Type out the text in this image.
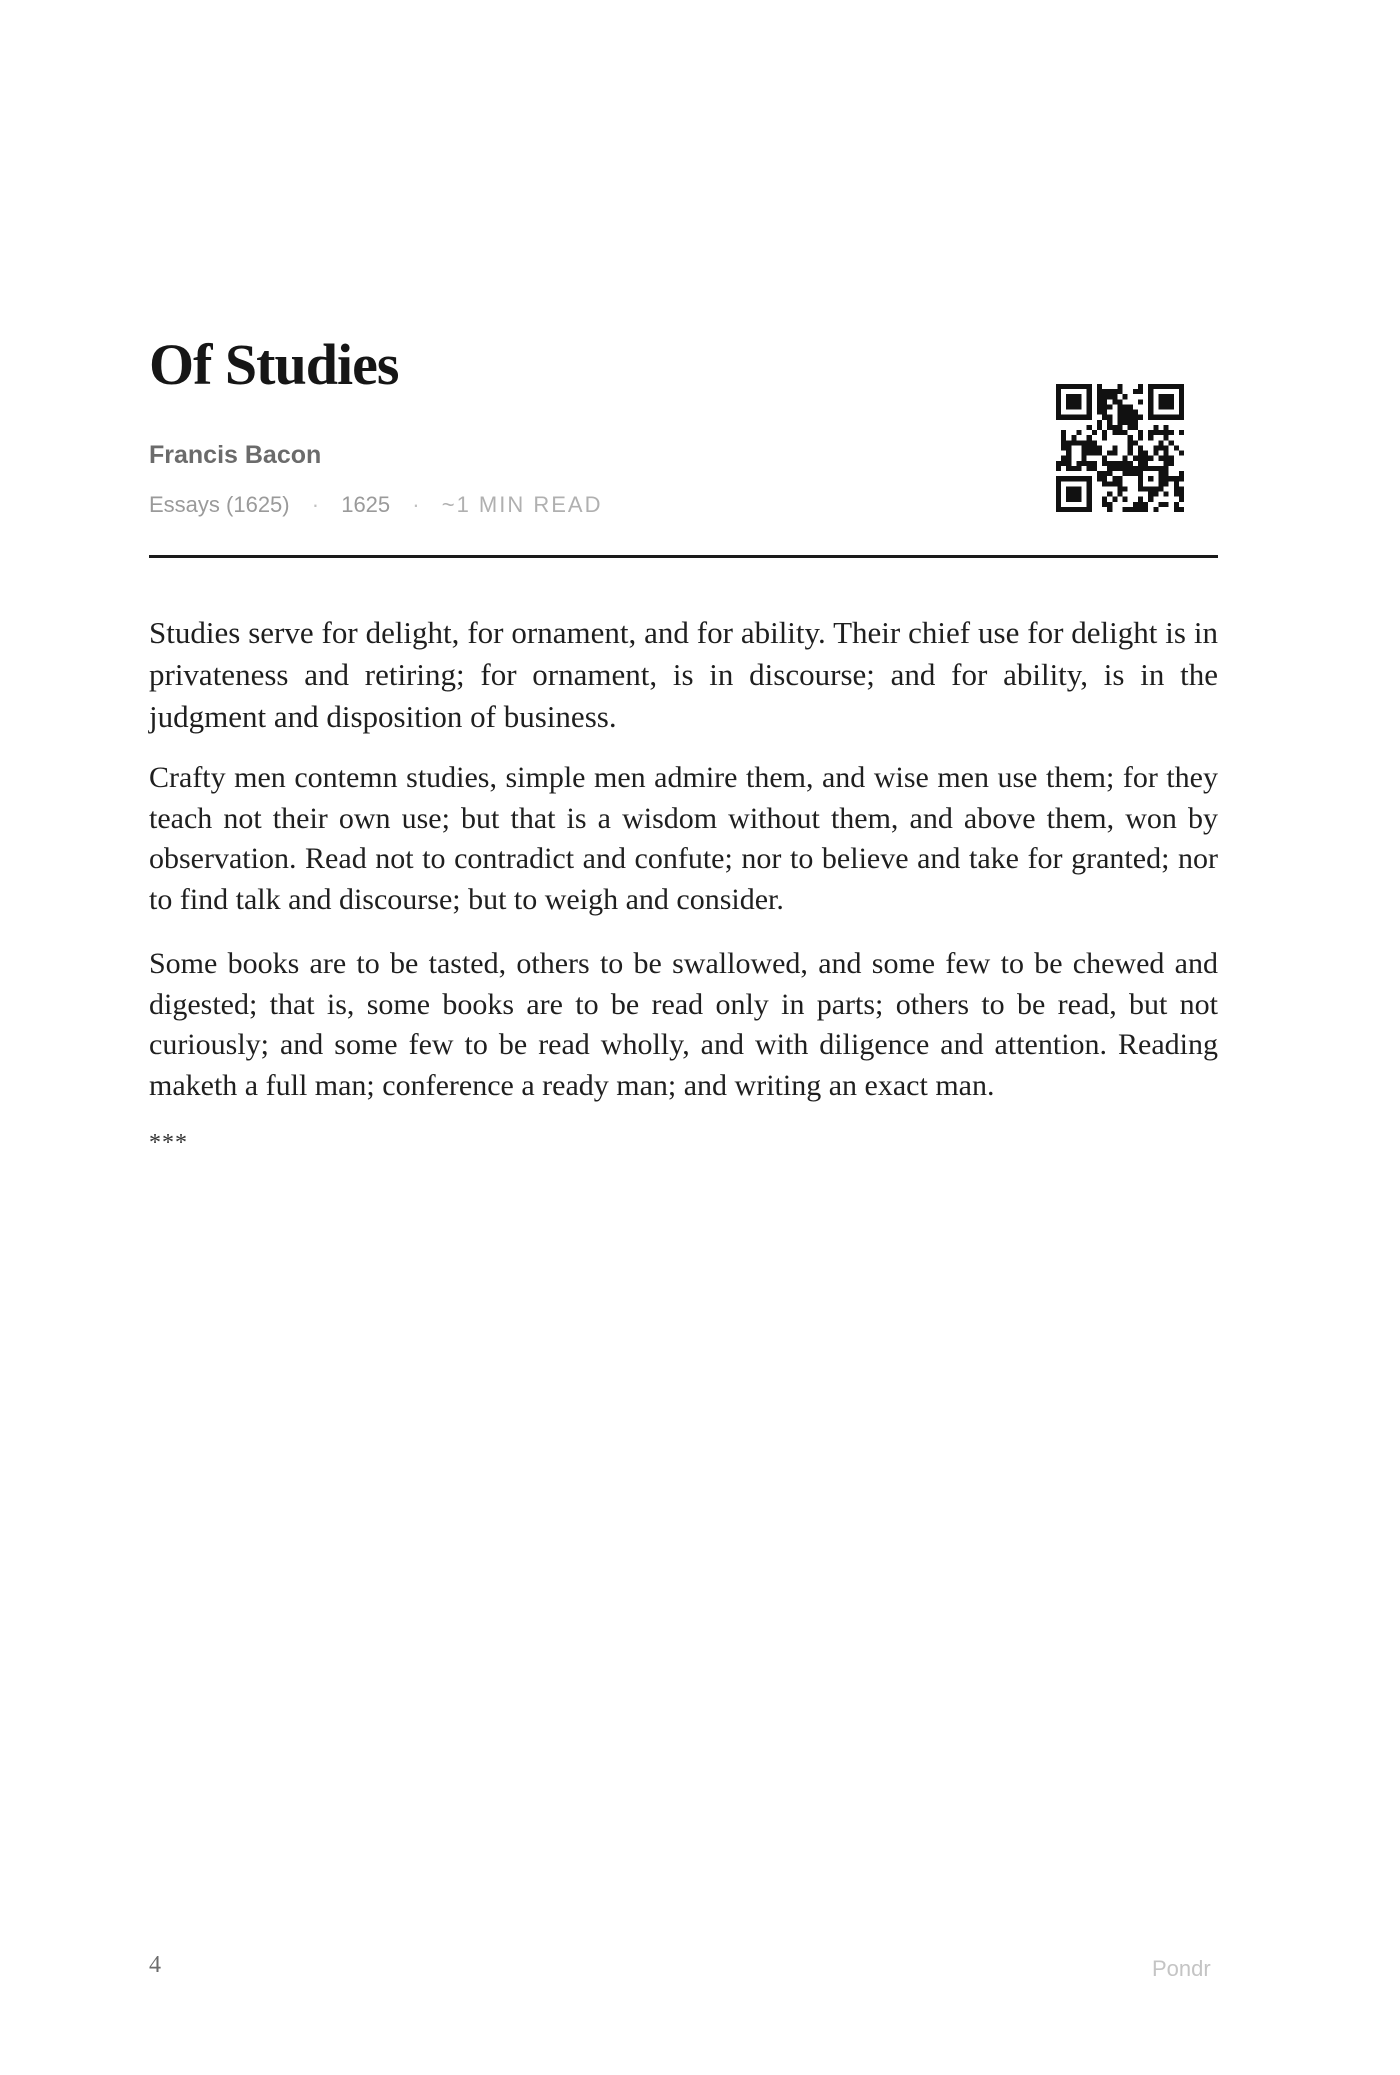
Of Studies
Francis Bacon
Essays (1625) · 1625 · ~1 MIN READ

Studies serve for delight, for ornament, and for ability. Their chief use for delight is in privateness and retiring; for ornament, is in discourse; and for ability, is in the judgment and disposition of business.

Crafty men contemn studies, simple men admire them, and wise men use them; for they teach not their own use; but that is a wisdom without them, and above them, won by observation. Read not to contradict and confute; nor to believe and take for granted; nor to find talk and discourse; but to weigh and consider.

Some books are to be tasted, others to be swallowed, and some few to be chewed and digested; that is, some books are to be read only in parts; others to be read, but not curiously; and some few to be read wholly, and with diligence and attention. Reading maketh a full man; conference a ready man; and writing an exact man.

***
4	Pondr
